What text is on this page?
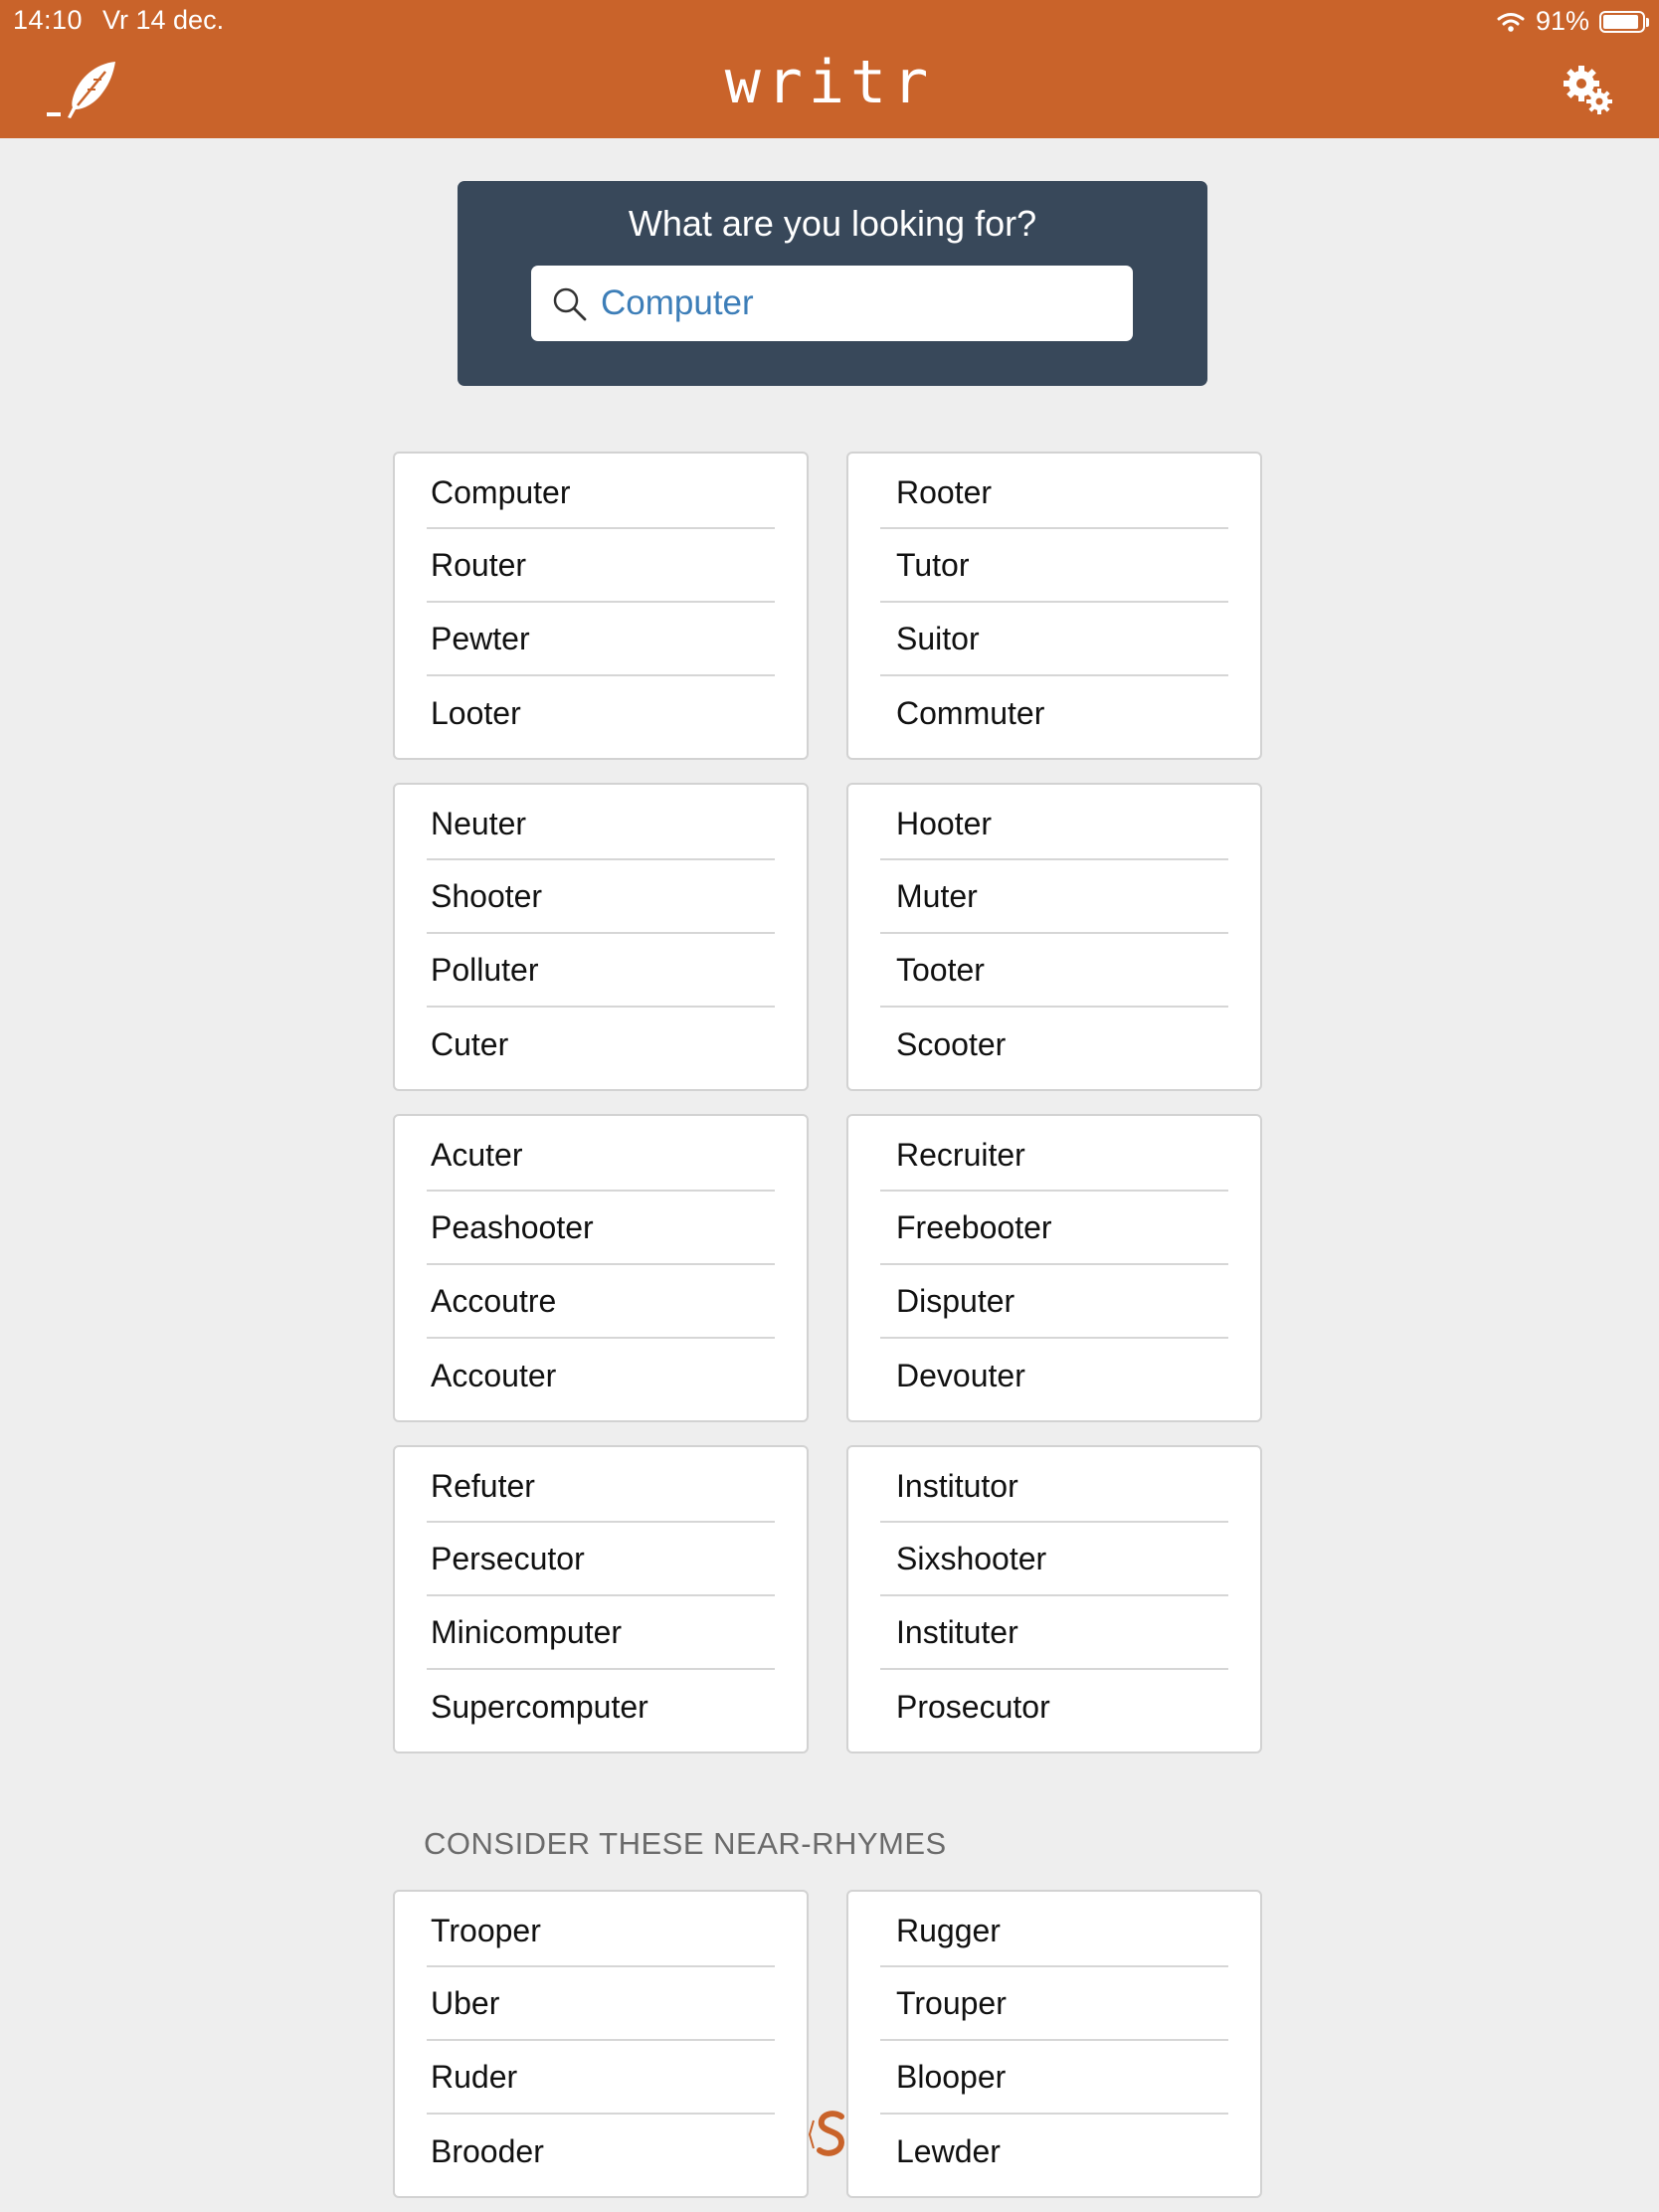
14:10 Vr 14 dec.	91%
writr
What are you looking for?
Computer
Computer
Router
Pewter
Looter
Rooter
Tutor
Suitor
Commuter
Neuter
Shooter
Polluter
Cuter
Hooter
Muter
Tooter
Scooter
Acuter
Peashooter
Accoutre
Accouter
Recruiter
Freebooter
Disputer
Devouter
Refuter
Persecutor
Minicomputer
Supercomputer
Institutor
Sixshooter
Instituter
Prosecutor
CONSIDER THESE NEAR-RHYMES
Trooper
Uber
Ruder
Brooder
Rugger
Trouper
Blooper
Lewder
